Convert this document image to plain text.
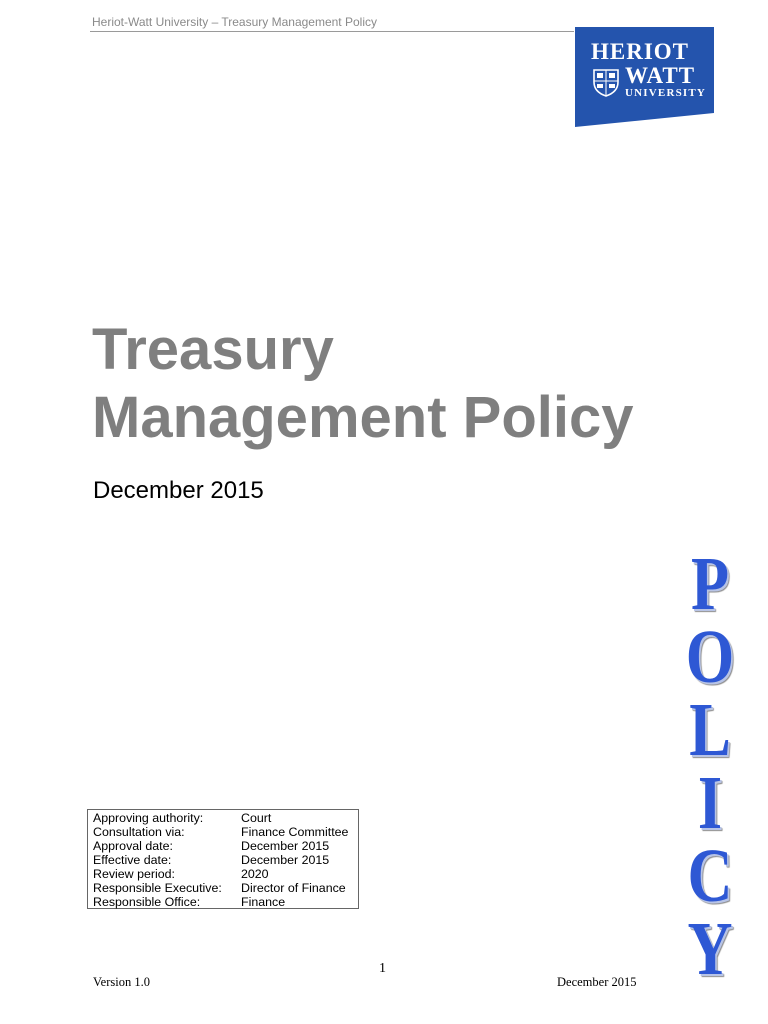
Heriot-Watt University – Treasury Management Policy
HERIOT
WATT
UNIVERSITY
Treasury
Management Policy

December 2015

Approving authority:	Court
Consultation via:	Finance Committee
Approval date:	December 2015
Effective date:	December 2015
Review period:	2020
Responsible Executive:	Director of Finance
Responsible Office:	Finance
P
O
L
I
C
Y
1
Version 1.0	December 2015
